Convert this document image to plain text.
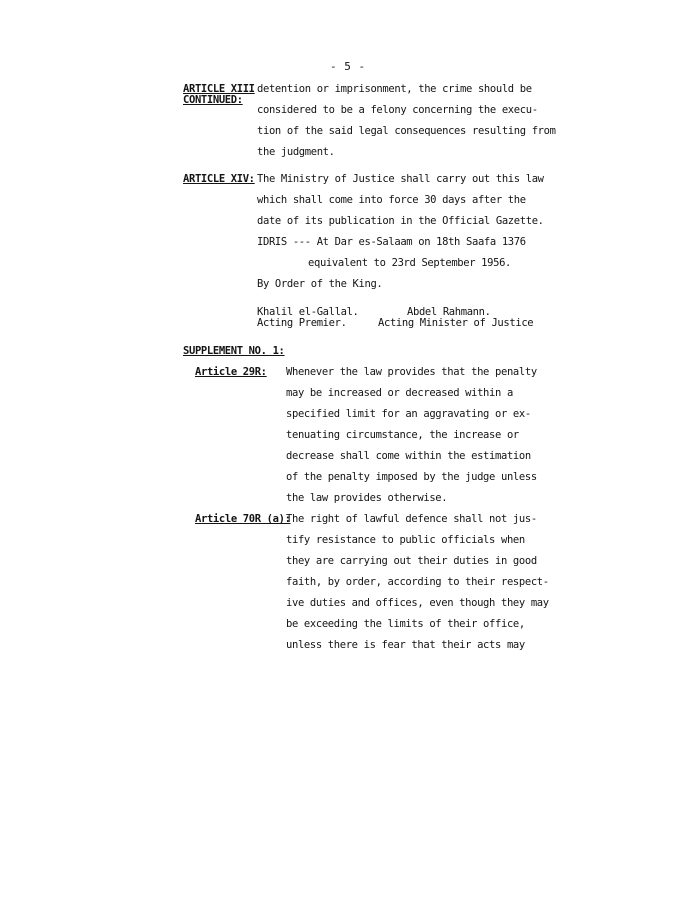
- 5 -
ARTICLE XIII
CONTINUED:
detention or imprisonment, the crime should be
considered to be a felony concerning the execu-
tion of the said legal consequences resulting from
the judgment.
ARTICLE XIV: The Ministry of Justice shall carry out this law
which shall come into force 30 days after the
date of its publication in the Official Gazette.
IDRIS --- At Dar es-Salaam on 18th Saafa 1376
equivalent to 23rd September 1956.
By Order of the King.
Khalil el-Gallal.
Acting Premier.
Abdel Rahmann.
Acting Minister of Justice
SUPPLEMENT NO. 1:
Article 29R: Whenever the law provides that the penalty
may be increased or decreased within a
specified limit for an aggravating or ex-
tenuating circumstance, the increase or
decrease shall come within the estimation
of the penalty imposed by the judge unless
the law provides otherwise.
Article 70R (a):
The right of lawful defence shall not jus-
tify resistance to public officials when
they are carrying out their duties in good
faith, by order, according to their respect-
ive duties and offices, even though they may
be exceeding the limits of their office,
unless there is fear that their acts may
